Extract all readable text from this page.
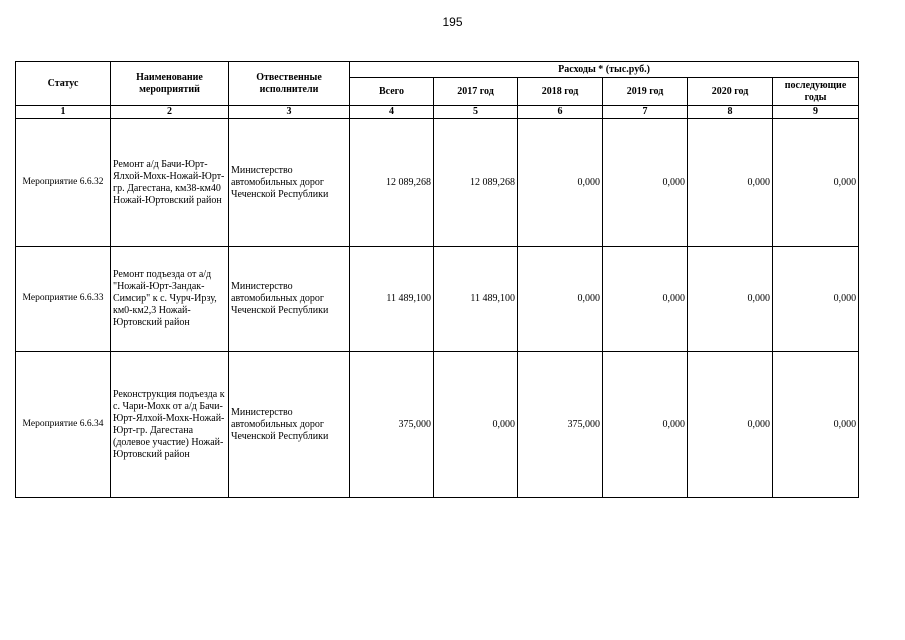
195
Статус	Наименование мероприятий	Отвественные исполнители	Расходы * (тыс.руб.)					
			Всего	2017 год	2018 год	2019 год	2020 год	последующие годы
1	2	3	4	5	6	7	8	9
Мероприятие 6.6.32	Ремонт а/д Бачи-Юрт-Ялхой-Мохк-Ножай-Юрт-гр. Дагестана, км38-км40 Ножай-Юртовский район	Министерство автомобильных дорог Чеченской Республики	12 089,268	12 089,268	0,000	0,000	0,000	0,000
Мероприятие 6.6.33	Ремонт подъезда от а/д "Ножай-Юрт-Зандак-Симсир" к с. Чурч-Ирзу, км0-км2,3 Ножай-Юртовский район	Министерство автомобильных дорог Чеченской Республики	11 489,100	11 489,100	0,000	0,000	0,000	0,000
Мероприятие 6.6.34	Реконструкция подъезда к с. Чари-Мохк от а/д Бачи-Юрт-Ялхой-Мохк-Ножай-Юрт-гр. Дагестана (долевое участие) Ножай-Юртовский район	Министерство автомобильных дорог Чеченской Республики	375,000	0,000	375,000	0,000	0,000	0,000
